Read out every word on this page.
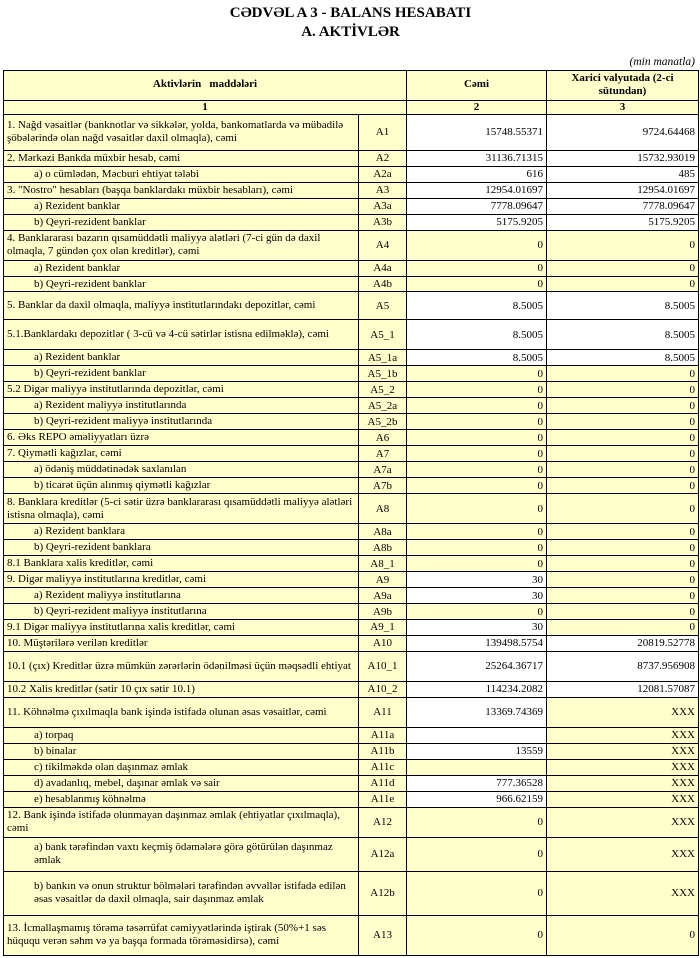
CƏDVƏL A 3 - BALANS HESABATI
A. AKTİVLƏR
(min manatla)
Aktivlərin   maddələri		Cəmi	Xarici valyutada (2-ci sütundan)
1		2	3
1. Nağd vəsaitlər (banknotlar və sikkələr, yolda, bankomatlarda və mübadilə şöbələrində olan nağd vəsaitlər daxil olmaqla), cəmi	A1	15748.55371	9724.64468
2. Mərkəzi Bankda müxbir hesab, cəmi	A2	31136.71315	15732.93019
a) o cümlədən, Məcburi ehtiyat tələbi	A2a	616	485
3. "Nostro" hesabları (başqa banklardakı müxbir hesabları), cəmi	A3	12954.01697	12954.01697
a) Rezident banklar	A3a	7778.09647	7778.09647
b) Qeyri-rezident banklar	A3b	5175.9205	5175.9205
4. Banklararası bazarın qısamüddətli maliyyə alətləri (7-ci gün də daxil olmaqla, 7 gündən çox olan kreditlər), cəmi	A4	0	0
a) Rezident banklar	A4a	0	0
b) Qeyri-rezident banklar	A4b	0	0
5. Banklar da daxil olmaqla, maliyyə institutlarındakı depozitlər, cəmi	A5	8.5005	8.5005
5.1.Banklardakı depozitlər ( 3-cü və 4-cü sətirlər istisna edilməklə), cəmi	A5_1	8.5005	8.5005
a) Rezident banklar	A5_1a	8.5005	8.5005
b) Qeyri-rezident banklar	A5_1b	0	0
5.2 Digər maliyyə institutlarında depozitlər, cəmi	A5_2	0	0
a) Rezident maliyyə institutlarında	A5_2a	0	0
b) Qeyri-rezident maliyyə institutlarında	A5_2b	0	0
6. Əks REPO əməliyyatları üzrə	A6	0	0
7. Qiymətli kağızlar, cəmi	A7	0	0
a) ödəniş müddətinədək saxlanılan	A7a	0	0
b) ticarət üçün alınmış qiymətli kağızlar	A7b	0	0
8. Banklara kreditlər (5-ci sətir üzrə banklararası qısamüddətli maliyyə alətləri istisna olmaqla), cəmi	A8	0	0
a) Rezident banklara	A8a	0	0
b) Qeyri-rezident banklara	A8b	0	0
8.1 Banklara xalis kreditlər, cəmi	A8_1	0	0
9. Digər maliyyə institutlarına kreditlər, cəmi	A9	30	0
a) Rezident maliyyə institutlarına	A9a	30	0
b) Qeyri-rezident maliyyə institutlarına	A9b	0	0
9.1 Digər maliyyə institutlarına xalis kreditlər, cəmi	A9_1	30	0
10. Müştərilərə verilən kreditlər	A10	139498.5754	20819.52778
10.1 (çıx) Kreditlər üzrə mümkün zərərlərin ödənilməsi üçün məqsədli ehtiyat	A10_1	25264.36717	8737.956908
10.2 Xalis kreditlər (sətir 10 çıx sətir 10.1)	A10_2	114234.2082	12081.57087
11. Köhnəlmə çıxılmaqla bank işində istifadə olunan əsas vəsaitlər, cəmi	A11	13369.74369	XXX
a) torpaq	A11a		XXX
b) binalar	A11b	13559	XXX
c) tikilməkdə olan daşınmaz əmlak	A11c		XXX
d) avadanlıq, mebel, daşınar əmlak və sair	A11d	777.36528	XXX
e) hesablanmış köhnəlmə	A11e	966.62159	XXX
12. Bank işində istifadə olunmayan daşınmaz əmlak (ehtiyatlar çıxılmaqla), cəmi	A12	0	XXX
a) bank tərəfindən vaxtı keçmiş ödəmələrə görə götürülən daşınmaz əmlak	A12a	0	XXX
b) bankın və onun struktur bölmələri tərəfindən əvvəllər istifadə edilən əsas vəsaitlər də daxil olmaqla, sair daşınmaz əmlak	A12b	0	XXX
13. İcmallaşmamış törəmə təsərrüfat cəmiyyətlərində iştirak (50%+1 səs hüququ verən səhm və ya başqa formada törəməsidirsə), cəmi	A13	0	0
